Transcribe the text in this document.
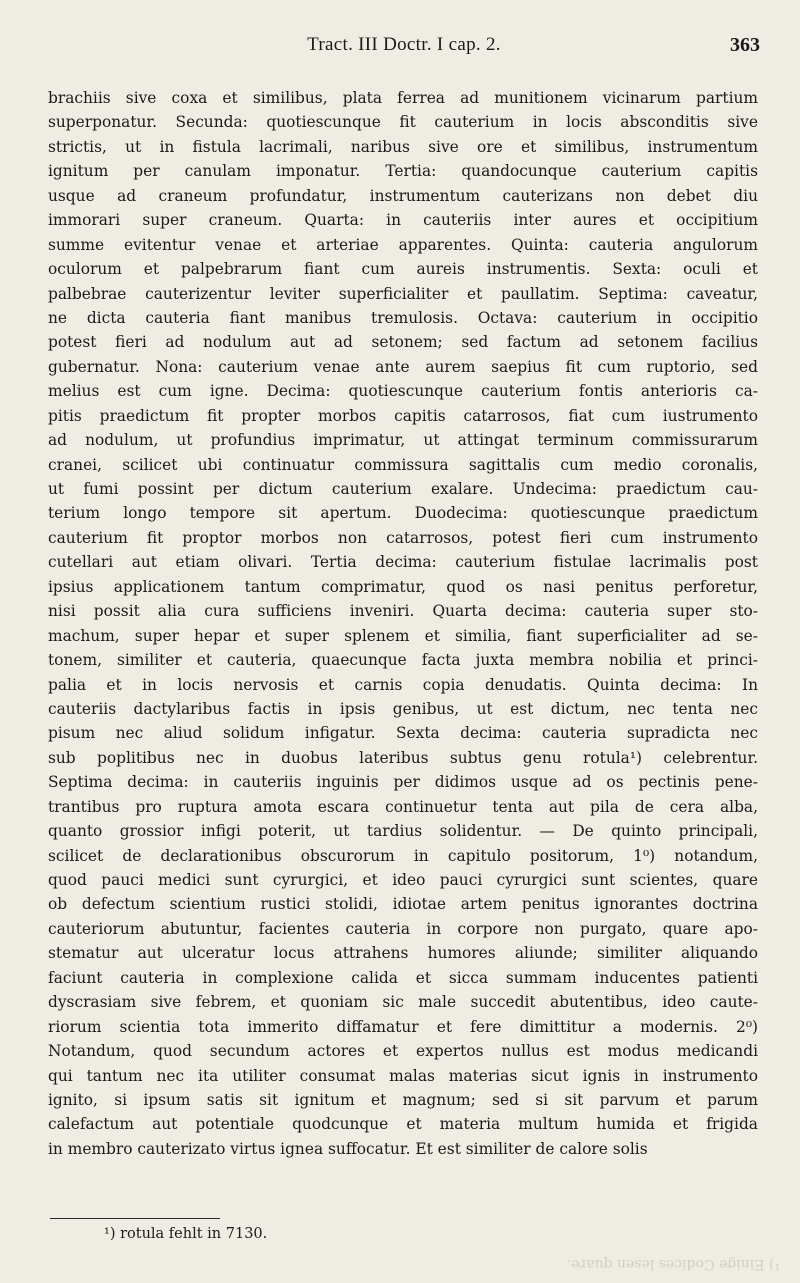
Tract. III Doctr. I cap. 2.	363
brachiis sive coxa et similibus, plata ferrea ad munitionem vicinarum partium
superponatur. Secunda: quotiescunque fit cauterium in locis absconditis sive
strictis, ut in fistula lacrimali, naribus sive ore et similibus, instrumentum
ignitum per canulam imponatur. Tertia: quandocunque cauterium capitis
usque ad craneum profundatur, instrumentum cauterizans non debet diu
immorari super craneum. Quarta: in cauteriis inter aures et occipitium
summe evitentur venae et arteriae apparentes. Quinta: cauteria angulorum
oculorum et palpebrarum fiant cum aureis instrumentis. Sexta: oculi et
palbebrae cauterizentur leviter superficialiter et paullatim. Septima: caveatur,
ne dicta cauteria fiant manibus tremulosis. Octava: cauterium in occipitio
potest fieri ad nodulum aut ad setonem; sed factum ad setonem facilius
gubernatur. Nona: cauterium venae ante aurem saepius fit cum ruptorio, sed
melius est cum igne. Decima: quotiescunque cauterium fontis anterioris ca-
pitis praedictum fit propter morbos capitis catarrosos, fiat cum iustrumento
ad nodulum, ut profundius imprimatur, ut attingat terminum commissurarum
cranei, scilicet ubi continuatur commissura sagittalis cum medio coronalis,
ut fumi possint per dictum cauterium exalare. Undecima: praedictum cau-
terium longo tempore sit apertum. Duodecima: quotiescunque praedictum
cauterium fit proptor morbos non catarrosos, potest fieri cum instrumento
cutellari aut etiam olivari. Tertia decima: cauterium fistulae lacrimalis post
ipsius applicationem tantum comprimatur, quod os nasi penitus perforetur,
nisi possit alia cura sufficiens inveniri. Quarta decima: cauteria super sto-
machum, super hepar et super splenem et similia, fiant superficialiter ad se-
tonem, similiter et cauteria, quaecunque facta juxta membra nobilia et princi-
palia et in locis nervosis et carnis copia denudatis. Quinta decima: In
cauteriis dactylaribus factis in ipsis genibus, ut est dictum, nec tenta nec
pisum nec aliud solidum infigatur. Sexta decima: cauteria supradicta nec
sub poplitibus nec in duobus lateribus subtus genu rotula¹) celebrentur.
Septima decima: in cauteriis inguinis per didimos usque ad os pectinis pene-
trantibus pro ruptura amota escara continuetur tenta aut pila de cera alba,
quanto grossior infigi poterit, ut tardius solidentur. — De quinto principali,
scilicet de declarationibus obscurorum in capitulo positorum, 1⁰) notandum,
quod pauci medici sunt cyrurgici, et ideo pauci cyrurgici sunt scientes, quare
ob defectum scientium rustici stolidi, idiotae artem penitus ignorantes doctrina
cauteriorum abutuntur, facientes cauteria in corpore non purgato, quare apo-
stematur aut ulceratur locus attrahens humores aliunde; similiter aliquando
faciunt cauteria in complexione calida et sicca summam inducentes patienti
dyscrasiam sive febrem, et quoniam sic male succedit abutentibus, ideo caute-
riorum scientia tota immerito diffamatur et fere dimittitur a modernis. 2⁰)
Notandum, quod secundum actores et expertos nullus est modus medicandi
qui tantum nec ita utiliter consumat malas materias sicut ignis in instrumento
ignito, si ipsum satis sit ignitum et magnum; sed si sit parvum et parum
calefactum aut potentiale quodcunque et materia multum humida et frigida
in membro cauterizato virtus ignea suffocatur. Et est similiter de calore solis
¹) rotula fehlt in 7130.
¹) Einige Codices lesen quare.
